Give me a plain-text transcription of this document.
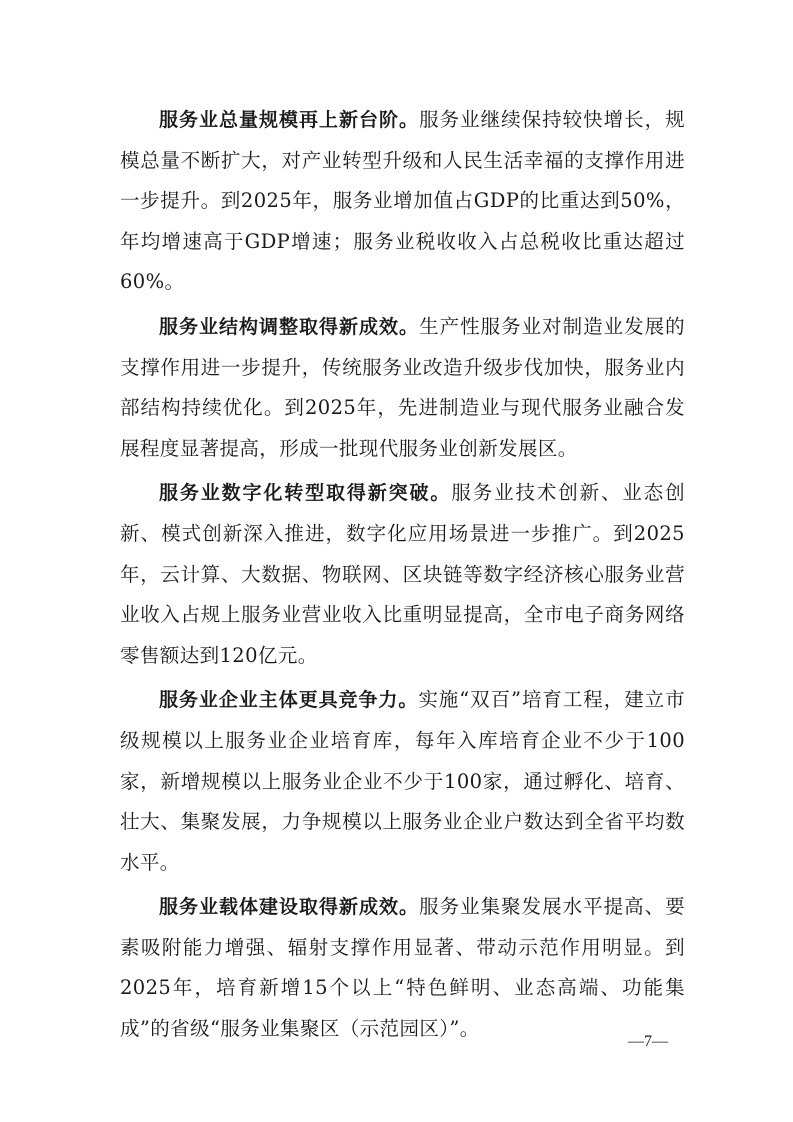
服务业总量规模再上新台阶。服务业继续保持较快增长，规模总量不断扩大，对产业转型升级和人民生活幸福的支撑作用进一步提升。到2025年，服务业增加值占GDP的比重达到50%，年均增速高于GDP增速；服务业税收收入占总税收比重达超过60%。

服务业结构调整取得新成效。生产性服务业对制造业发展的支撑作用进一步提升，传统服务业改造升级步伐加快，服务业内部结构持续优化。到2025年，先进制造业与现代服务业融合发展程度显著提高，形成一批现代服务业创新发展区。

服务业数字化转型取得新突破。服务业技术创新、业态创新、模式创新深入推进，数字化应用场景进一步推广。到2025年，云计算、大数据、物联网、区块链等数字经济核心服务业营业收入占规上服务业营业收入比重明显提高，全市电子商务网络零售额达到120亿元。

服务业企业主体更具竞争力。实施“双百”培育工程，建立市级规模以上服务业企业培育库，每年入库培育企业不少于100家，新增规模以上服务业企业不少于100家，通过孵化、培育、壮大、集聚发展，力争规模以上服务业企业户数达到全省平均数水平。

服务业载体建设取得新成效。服务业集聚发展水平提高、要素吸附能力增强、辐射支撑作用显著、带动示范作用明显。到2025年，培育新增15个以上“特色鲜明、业态高端、功能集成”的省级“服务业集聚区（示范园区）”。

—7—
